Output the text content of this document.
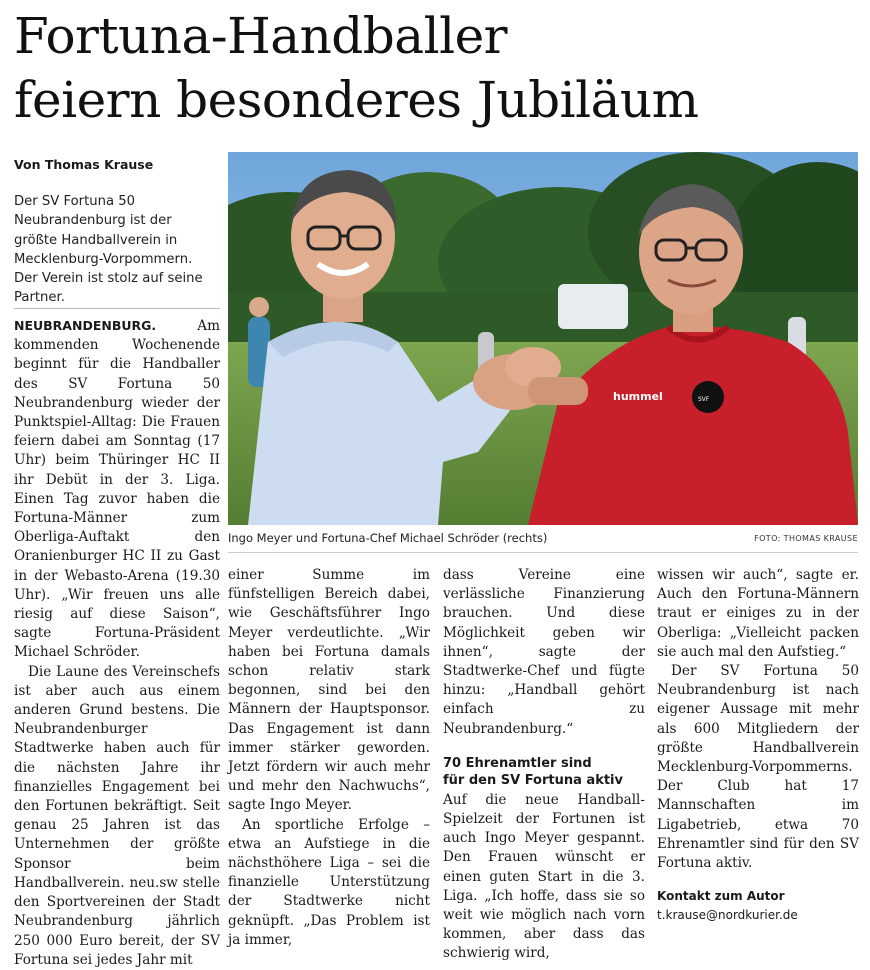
Fortuna-Handballer
feiern besonderes Jubiläum
Von Thomas Krause
Der SV Fortuna 50 Neubrandenburg ist der größte Handballverein in Mecklenburg-Vorpommern. Der Verein ist stolz auf seine Partner.

NEUBRANDENBURG. Am kommenden Wochenende beginnt für die Handballer des SV Fortuna 50 Neubrandenburg wieder der Punktspiel-Alltag: Die Frauen feiern dabei am Sonntag (17 Uhr) beim Thüringer HC II ihr Debüt in der 3. Liga. Einen Tag zuvor haben die Fortuna-Männer zum Oberliga-Auftakt den Oranienburger HC II zu Gast in der Webasto-Arena (19.30 Uhr). „Wir freuen uns alle riesig auf diese Saison“, sagte Fortuna-Präsident Michael Schröder.

Die Laune des Vereinschefs ist aber auch aus einem anderen Grund bestens. Die Neubrandenburger Stadtwerke haben auch für die nächsten Jahre ihr finanzielles Engagement bei den Fortunen bekräftigt. Seit genau 25 Jahren ist das Unternehmen der größte Sponsor beim Handballverein. neu.sw stelle den Sportvereinen der Stadt Neubrandenburg jährlich 250 000 Euro bereit, der SV Fortuna sei jedes Jahr mit

SVF
hummel
Ingo Meyer und Fortuna-Chef Michael Schröder (rechts)	FOTO: THOMAS KRAUSE

einer Summe im fünfstelligen Bereich dabei, wie Geschäftsführer Ingo Meyer verdeutlichte. „Wir haben bei Fortuna damals schon relativ stark begonnen, sind bei den Männern der Hauptsponsor. Das Engagement ist dann immer stärker geworden. Jetzt fördern wir auch mehr und mehr den Nachwuchs“, sagte Ingo Meyer.

An sportliche Erfolge – etwa an Aufstiege in die nächsthöhere Liga – sei die finanzielle Unterstützung der Stadtwerke nicht geknüpft. „Das Problem ist ja immer,

dass Vereine eine verlässliche Finanzierung brauchen. Und diese Möglichkeit geben wir ihnen“, sagte der Stadtwerke-Chef und fügte hinzu: „Handball gehört einfach zu Neubrandenburg.“

70 Ehrenamtler sind
für den SV Fortuna aktiv

Auf die neue Handball-Spielzeit der Fortunen ist auch Ingo Meyer gespannt. Den Frauen wünscht er einen guten Start in die 3. Liga. „Ich hoffe, dass sie so weit wie möglich nach vorn kommen, aber dass das schwierig wird,

wissen wir auch“, sagte er. Auch den Fortuna-Männern traut er einiges zu in der Oberliga: „Vielleicht packen sie auch mal den Aufstieg.“

Der SV Fortuna 50 Neubrandenburg ist nach eigener Aussage mit mehr als 600 Mitgliedern der größte Handballverein Mecklenburg-Vorpommerns. Der Club hat 17 Mannschaften im Ligabetrieb, etwa 70 Ehrenamtler sind für den SV Fortuna aktiv.

Kontakt zum Autor

t.krause@nordkurier.de
